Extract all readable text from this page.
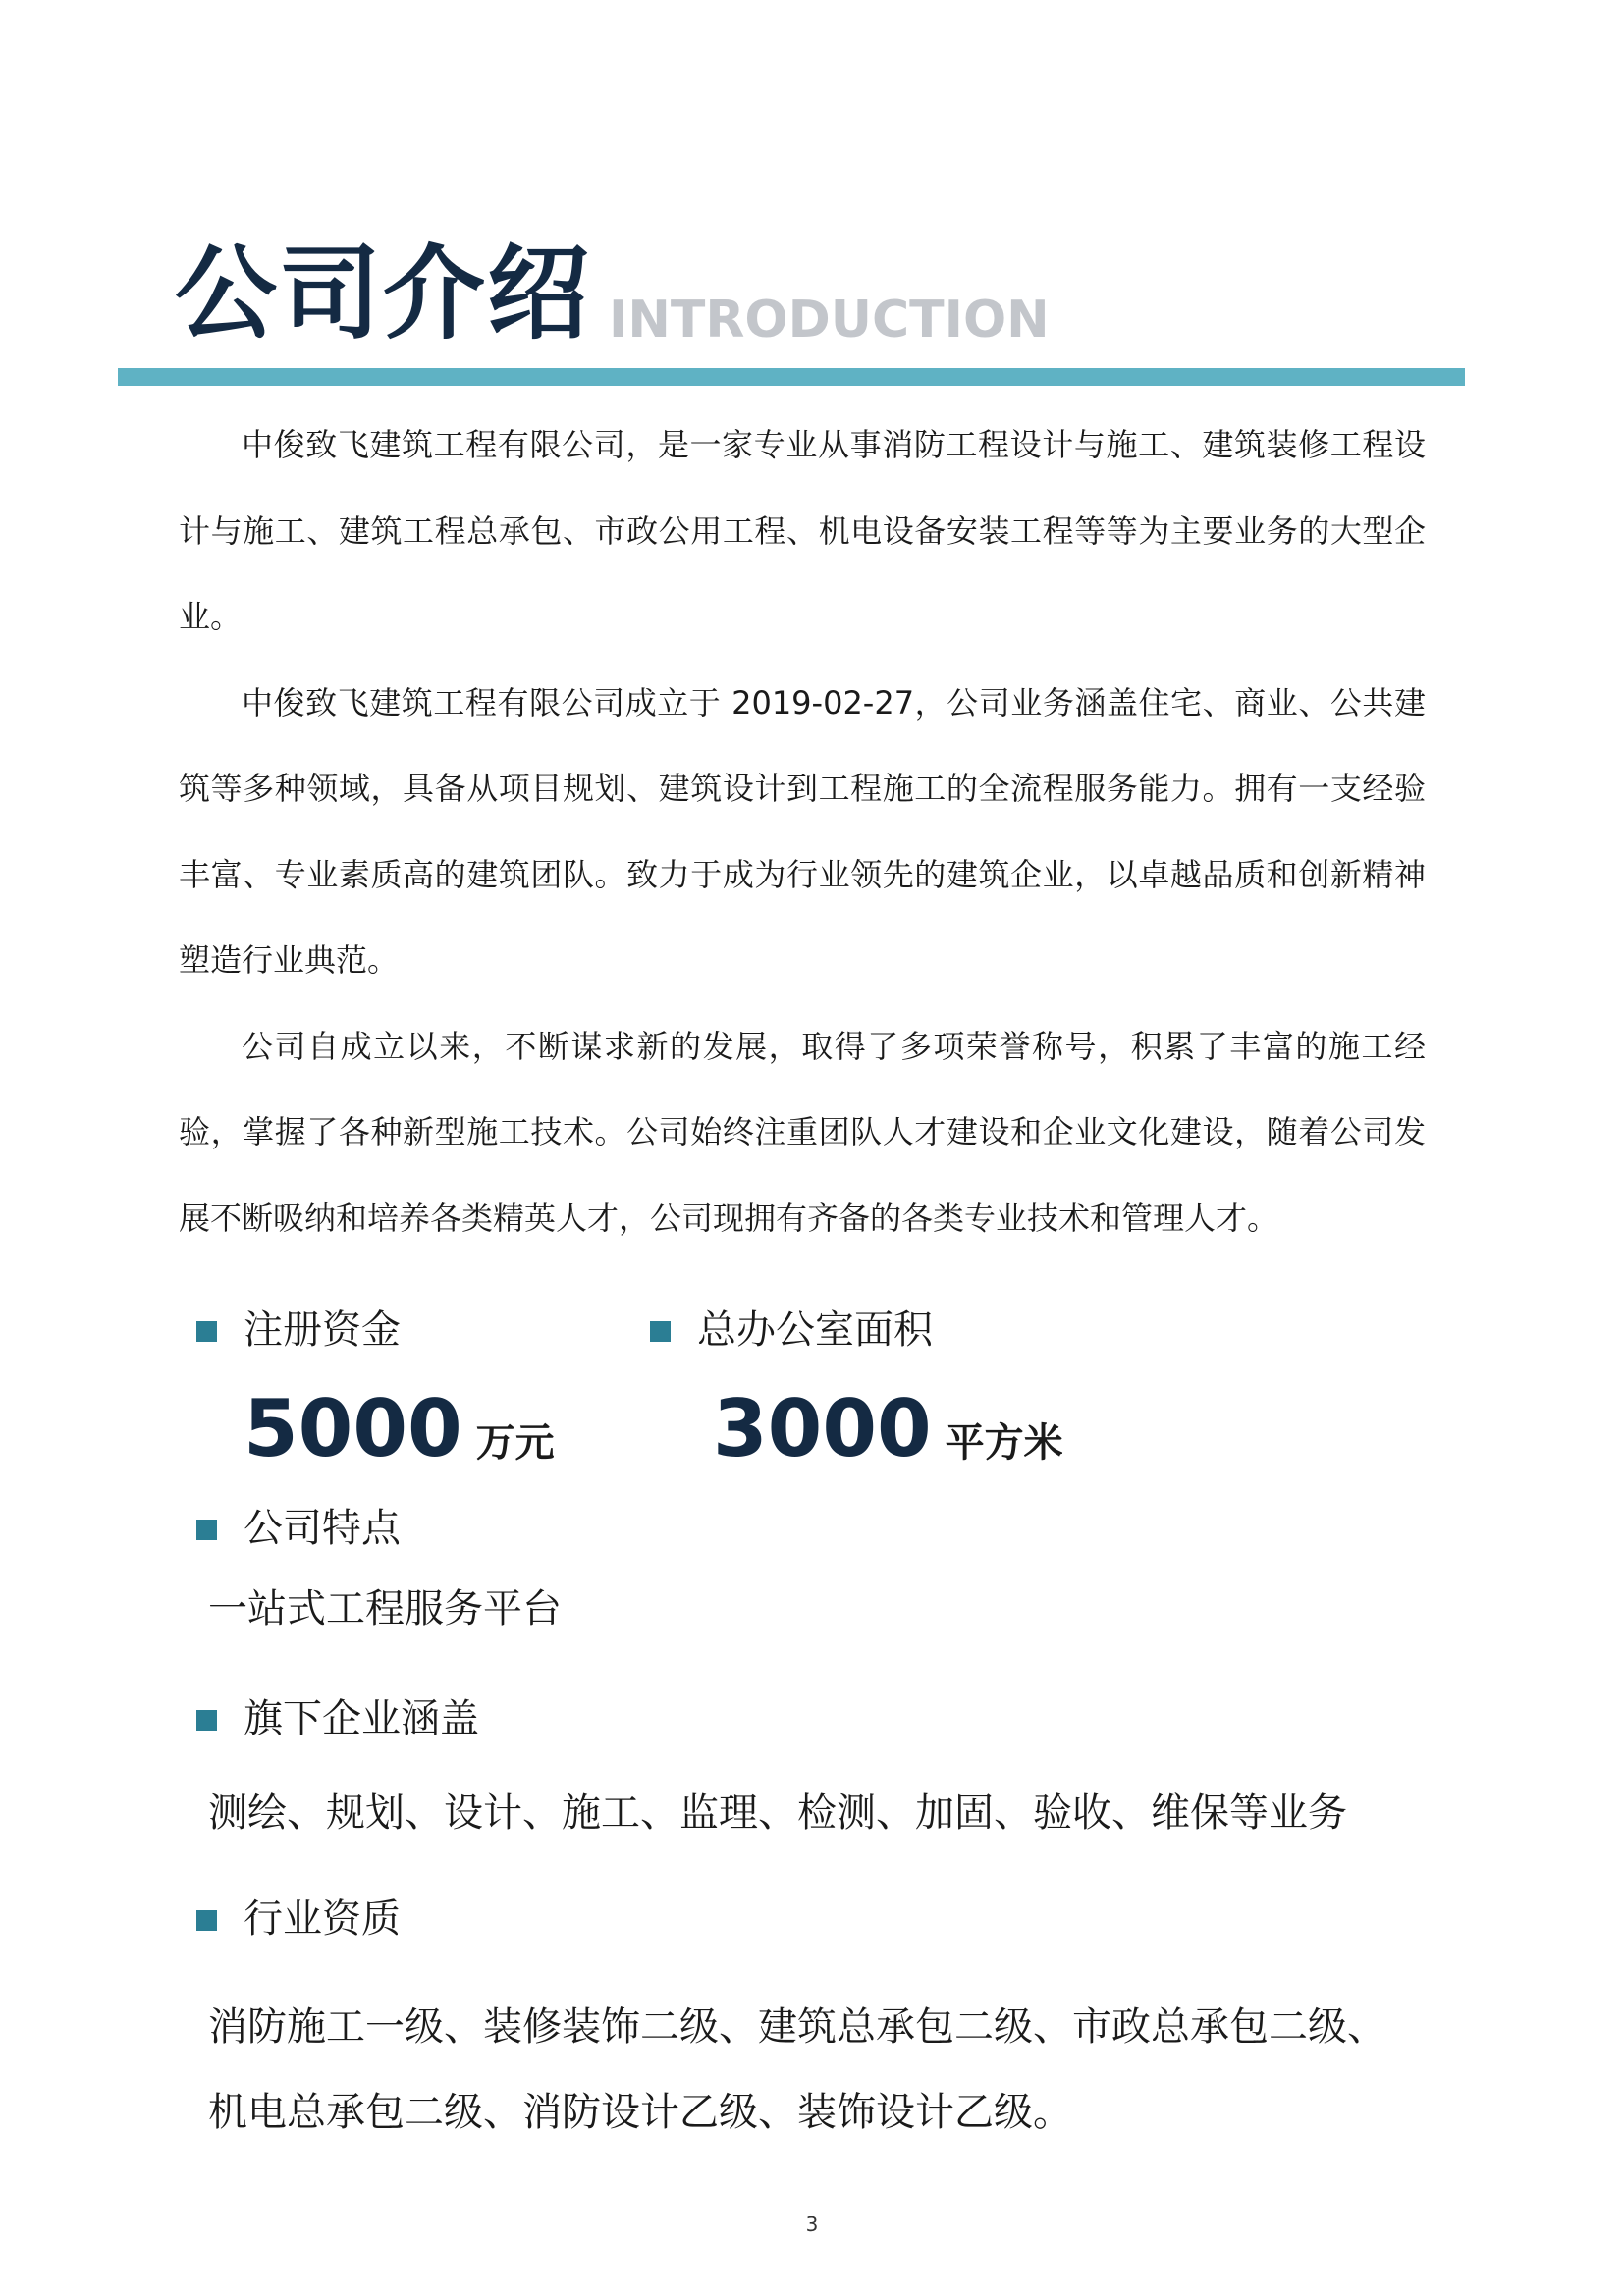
公司介绍 INTRODUCTION

中俊致飞建筑工程有限公司，是一家专业从事消防工程设计与施工、建筑装修工程设计与施工、建筑工程总承包、市政公用工程、机电设备安装工程等等为主要业务的大型企业。

中俊致飞建筑工程有限公司成立于 2019-02-27，公司业务涵盖住宅、商业、公共建筑等多种领域，具备从项目规划、建筑设计到工程施工的全流程服务能力。拥有一支经验丰富、专业素质高的建筑团队。致力于成为行业领先的建筑企业，以卓越品质和创新精神塑造行业典范。

公司自成立以来，不断谋求新的发展，取得了多项荣誉称号，积累了丰富的施工经验，掌握了各种新型施工技术。公司始终注重团队人才建设和企业文化建设，随着公司发展不断吸纳和培养各类精英人才，公司现拥有齐备的各类专业技术和管理人才。

注册资金
5000 万元
总办公室面积
3000 平方米
公司特点
一站式工程服务平台
旗下企业涵盖
测绘、规划、设计、施工、监理、检测、加固、验收、维保等业务
行业资质
消防施工一级、装修装饰二级、建筑总承包二级、市政总承包二级、机电总承包二级、消防设计乙级、装饰设计乙级。
3
